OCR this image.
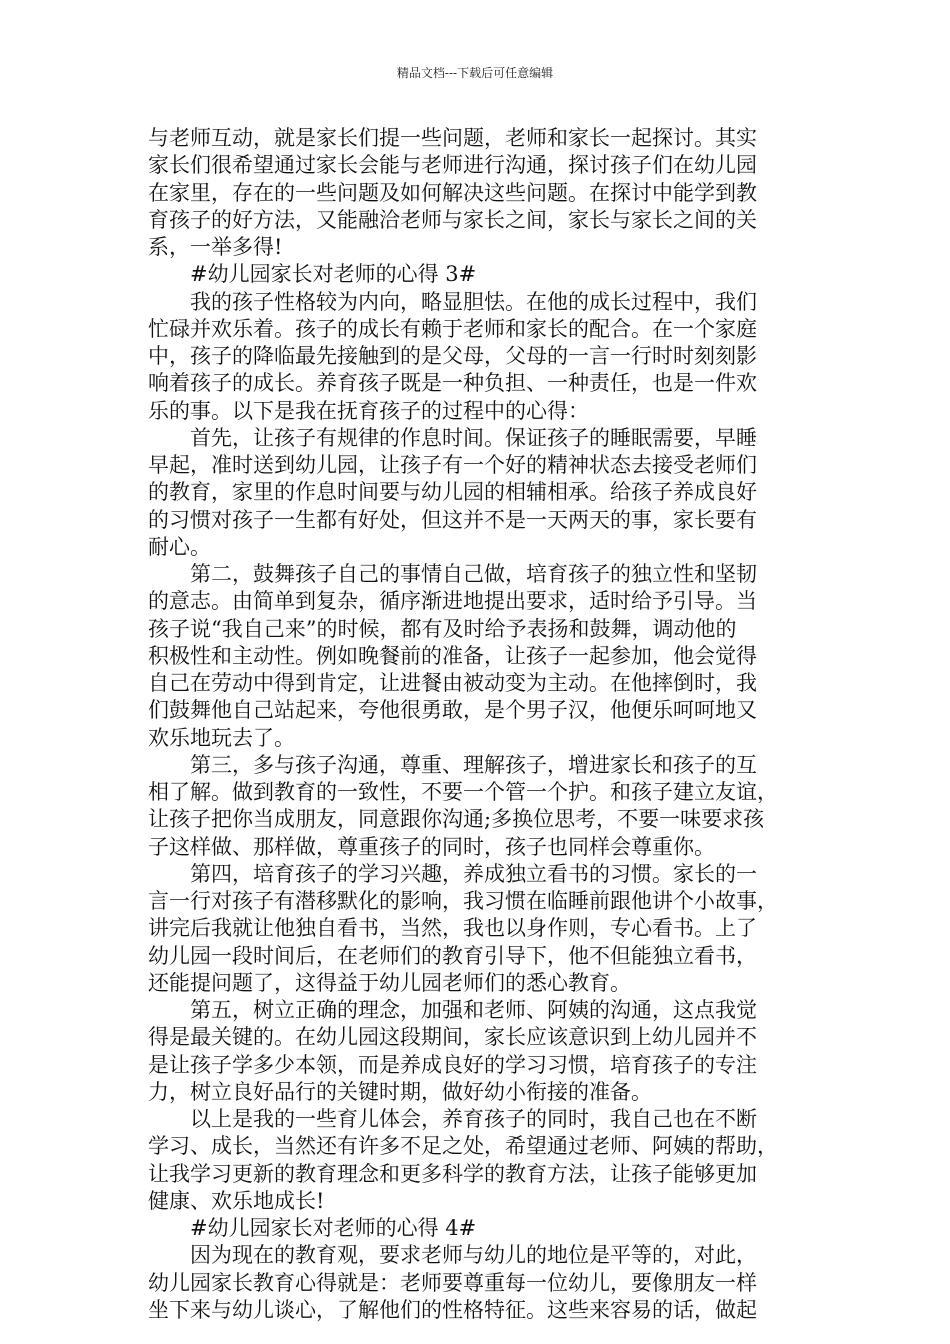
精品文档---下载后可任意编辑
与老师互动，就是家长们提一些问题，老师和家长一起探讨。其实
家长们很希望通过家长会能与老师进行沟通，探讨孩子们在幼儿园
在家里，存在的一些问题及如何解决这些问题。在探讨中能学到教
育孩子的好方法，又能融洽老师与家长之间，家长与家长之间的关
系，一举多得!
#幼儿园家长对老师的心得 3#
我的孩子性格较为内向，略显胆怯。在他的成长过程中，我们
忙碌并欢乐着。孩子的成长有赖于老师和家长的配合。在一个家庭
中，孩子的降临最先接触到的是父母，父母的一言一行时时刻刻影
响着孩子的成长。养育孩子既是一种负担、一种责任，也是一件欢
乐的事。以下是我在抚育孩子的过程中的心得：
首先，让孩子有规律的作息时间。保证孩子的睡眠需要，早睡
早起，准时送到幼儿园，让孩子有一个好的精神状态去接受老师们
的教育，家里的作息时间要与幼儿园的相辅相承。给孩子养成良好
的习惯对孩子一生都有好处，但这并不是一天两天的事，家长要有
耐心。
第二，鼓舞孩子自己的事情自己做，培育孩子的独立性和坚韧
的意志。由简单到复杂，循序渐进地提出要求，适时给予引导。当
孩子说“我自己来”的时候，都有及时给予表扬和鼓舞，调动他的
积极性和主动性。例如晚餐前的准备，让孩子一起参加，他会觉得
自己在劳动中得到肯定，让进餐由被动变为主动。在他摔倒时，我
们鼓舞他自己站起来，夸他很勇敢，是个男子汉，他便乐呵呵地又
欢乐地玩去了。
第三，多与孩子沟通，尊重、理解孩子，增进家长和孩子的互
相了解。做到教育的一致性，不要一个管一个护。和孩子建立友谊，
让孩子把你当成朋友，同意跟你沟通;多换位思考，不要一味要求孩
子这样做、那样做，尊重孩子的同时，孩子也同样会尊重你。
第四，培育孩子的学习兴趣，养成独立看书的习惯。家长的一
言一行对孩子有潜移默化的影响，我习惯在临睡前跟他讲个小故事，
讲完后我就让他独自看书，当然，我也以身作则，专心看书。上了
幼儿园一段时间后，在老师们的教育引导下，他不但能独立看书，
还能提问题了，这得益于幼儿园老师们的悉心教育。
第五，树立正确的理念，加强和老师、阿姨的沟通，这点我觉
得是最关键的。在幼儿园这段期间，家长应该意识到上幼儿园并不
是让孩子学多少本领，而是养成良好的学习习惯，培育孩子的专注
力，树立良好品行的关键时期，做好幼小衔接的准备。
以上是我的一些育儿体会，养育孩子的同时，我自己也在不断
学习、成长，当然还有许多不足之处，希望通过老师、阿姨的帮助，
让我学习更新的教育理念和更多科学的教育方法，让孩子能够更加
健康、欢乐地成长!
#幼儿园家长对老师的心得 4#
因为现在的教育观，要求老师与幼儿的地位是平等的，对此，
幼儿园家长教育心得就是：老师要尊重每一位幼儿，要像朋友一样
坐下来与幼儿谈心，了解他们的性格特征。这些来容易的话，做起
